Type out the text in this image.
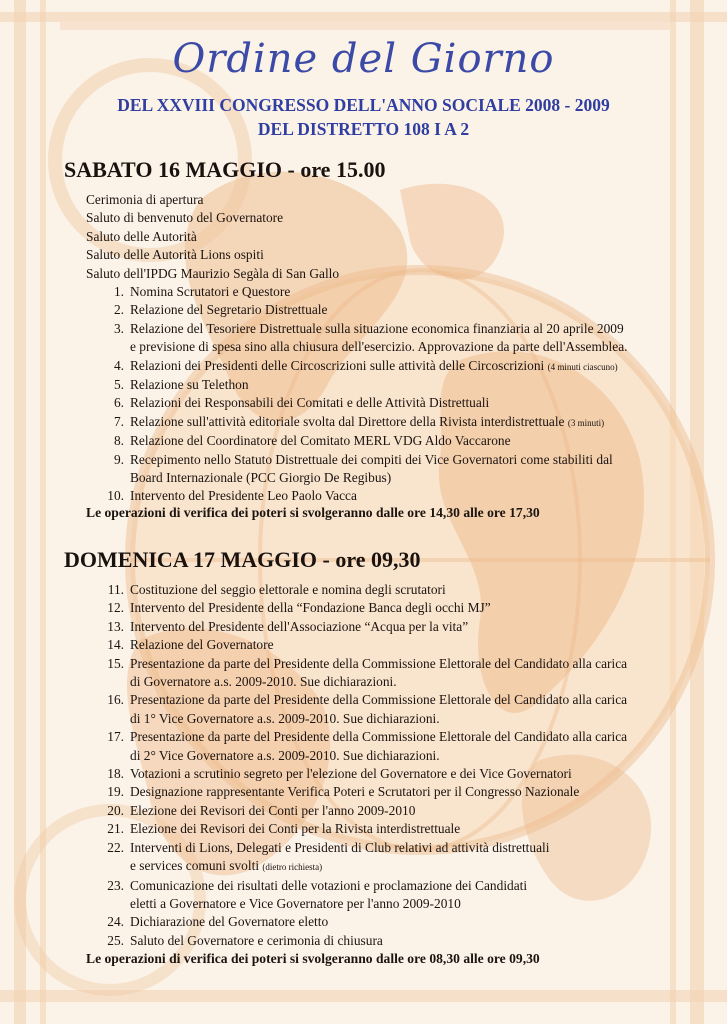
Ordine del Giorno
DEL XXVIII CONGRESSO DELL'ANNO SOCIALE 2008 - 2009
DEL DISTRETTO 108 I A 2
SABATO 16 MAGGIO - ore 15.00
Cerimonia di apertura
Saluto di benvenuto del Governatore
Saluto delle Autorità
Saluto delle Autorità Lions ospiti
Saluto dell'IPDG Maurizio Segàla di San Gallo
1. Nomina Scrutatori e Questore
2. Relazione del Segretario Distrettuale
3. Relazione del Tesoriere Distrettuale sulla situazione economica finanziaria al 20 aprile 2009
e previsione di spesa sino alla chiusura dell'esercizio. Approvazione da parte dell'Assemblea.
4. Relazioni dei Presidenti delle Circoscrizioni sulle attività delle Circoscrizioni (4 minuti ciascuno)
5. Relazione su Telethon
6. Relazioni dei Responsabili dei Comitati e delle Attività Distrettuali
7. Relazione sull'attività editoriale svolta dal Direttore della Rivista interdistrettuale (3 minuti)
8. Relazione del Coordinatore del Comitato MERL VDG Aldo Vaccarone
9. Recepimento nello Statuto Distrettuale dei compiti dei Vice Governatori come stabiliti dal
Board Internazionale (PCC Giorgio De Regibus)
10. Intervento del Presidente Leo Paolo Vacca
Le operazioni di verifica dei poteri si svolgeranno dalle ore 14,30 alle ore 17,30
DOMENICA 17 MAGGIO - ore 09,30
11. Costituzione del seggio elettorale e nomina degli scrutatori
12. Intervento del Presidente della “Fondazione Banca degli occhi MJ”
13. Intervento del Presidente dell'Associazione “Acqua per la vita”
14. Relazione del Governatore
15. Presentazione da parte del Presidente della Commissione Elettorale del Candidato alla carica
di Governatore a.s. 2009-2010. Sue dichiarazioni.
16. Presentazione da parte del Presidente della Commissione Elettorale del Candidato alla carica
di 1° Vice Governatore a.s. 2009-2010. Sue dichiarazioni.
17. Presentazione da parte del Presidente della Commissione Elettorale del Candidato alla carica
di 2° Vice Governatore a.s. 2009-2010. Sue dichiarazioni.
18. Votazioni a scrutinio segreto per l'elezione del Governatore e dei Vice Governatori
19. Designazione rappresentante Verifica Poteri e Scrutatori per il Congresso Nazionale
20. Elezione dei Revisori dei Conti per l'anno 2009-2010
21. Elezione dei Revisori dei Conti per la Rivista interdistrettuale
22. Interventi di Lions, Delegati e Presidenti di Club relativi ad attività distrettuali
e services comuni svolti (dietro richiesta)
23. Comunicazione dei risultati delle votazioni e proclamazione dei Candidati
eletti a Governatore e Vice Governatore per l'anno 2009-2010
24. Dichiarazione del Governatore eletto
25. Saluto del Governatore e cerimonia di chiusura
Le operazioni di verifica dei poteri si svolgeranno dalle ore 08,30 alle ore 09,30
